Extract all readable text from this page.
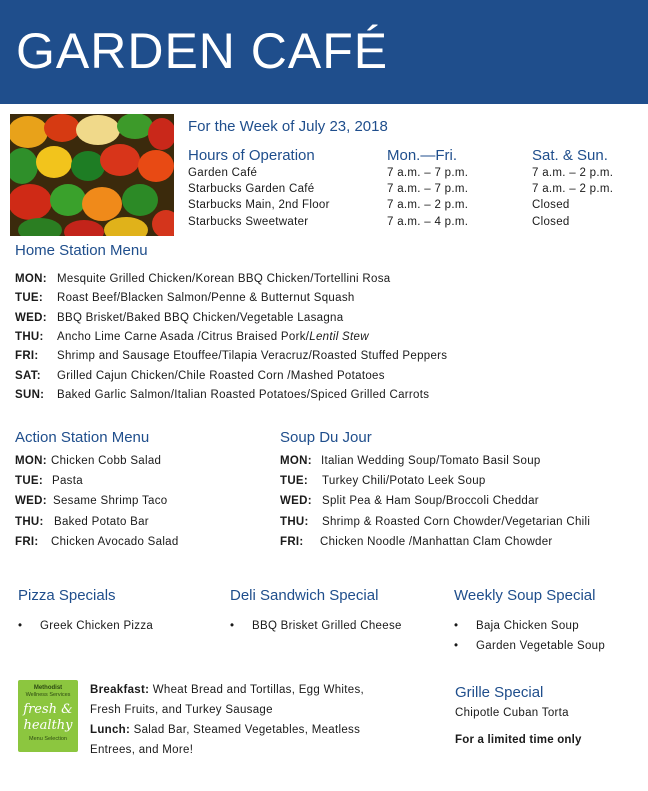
GARDEN CAFÉ
For the Week of July 23, 2018
Hours of Operation	Mon.—Fri.	Sat. & Sun.
Garden Café	7 a.m. – 7 p.m.	7 a.m. – 2 p.m.
Starbucks Garden Café	7 a.m. – 7 p.m.	7 a.m. – 2 p.m.
Starbucks Main, 2nd Floor	7 a.m. – 2 p.m.	Closed
Starbucks Sweetwater	7 a.m. – 4 p.m.	Closed
Home Station Menu
MON: Mesquite Grilled Chicken/Korean BBQ Chicken/Tortellini Rosa
TUE: Roast Beef/Blacken Salmon/Penne & Butternut Squash
WED: BBQ Brisket/Baked BBQ Chicken/Vegetable Lasagna
THU: Ancho Lime Carne Asada /Citrus Braised Pork/Lentil Stew
FRI: Shrimp and Sausage Etouffee/Tilapia Veracruz/Roasted Stuffed Peppers
SAT: Grilled Cajun Chicken/Chile Roasted Corn /Mashed Potatoes
SUN: Baked Garlic Salmon/Italian Roasted Potatoes/Spiced Grilled Carrots
Action Station Menu
MON: Chicken Cobb Salad
TUE: Pasta
WED: Sesame Shrimp Taco
THU: Baked Potato Bar
FRI: Chicken Avocado Salad
Soup Du Jour
MON: Italian Wedding Soup/Tomato Basil Soup
TUE: Turkey Chili/Potato Leek Soup
WED: Split Pea & Ham Soup/Broccoli Cheddar
THU: Shrimp & Roasted Corn Chowder/Vegetarian Chili
FRI: Chicken Noodle /Manhattan Clam Chowder
Pizza Specials
• Greek Chicken Pizza
Deli Sandwich Special
• BBQ Brisket Grilled Cheese
Weekly Soup Special
• Baja Chicken Soup
• Garden Vegetable Soup
Methodist
Wellness Services
fresh &
healthy
Menu Selection
Breakfast: Wheat Bread and Tortillas, Egg Whites,
Fresh Fruits, and Turkey Sausage
Lunch: Salad Bar, Steamed Vegetables, Meatless
Entrees, and More!
Grille Special
Chipotle Cuban Torta
For a limited time only
